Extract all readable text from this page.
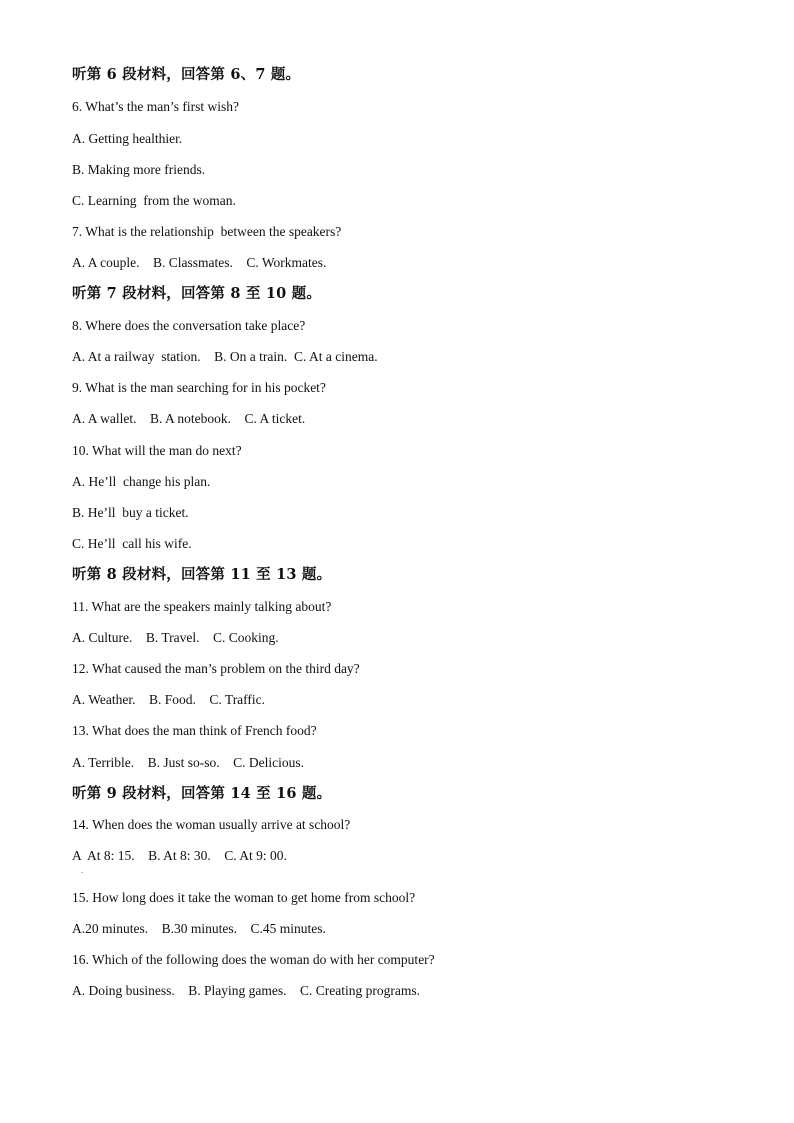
听第 6 段材料，回答第 6、7 题。
6. What’s the man’s first wish?
A. Getting healthier.
B. Making more friends.
C. Learning  from the woman.
7. What is the relationship  between the speakers?
A. A couple.    B. Classmates.    C. Workmates.
听第 7 段材料，回答第 8 至 10 题。
8. Where does the conversation take place?
A. At a railway  station.    B. On a train.  C. At a cinema.
9. What is the man searching for in his pocket?
A. A wallet.    B. A notebook.    C. A ticket.
10. What will the man do next?
A. He’ll  change his plan.
B. He’ll  buy a ticket.
C. He’ll  call his wife.
听第 8 段材料，回答第 11 至 13 题。
11. What are the speakers mainly talking about?
A. Culture.    B. Travel.    C. Cooking.
12. What caused the man’s problem on the third day?
A. Weather.    B. Food.    C. Traffic.
13. What does the man think of French food?
A. Terrible.    B. Just so-so.    C. Delicious.
听第 9 段材料，回答第 14 至 16 题。
14. When does the woman usually arrive at school?
A  At 8: 15.    B. At 8: 30.    C. At 9: 00.
15. How long does it take the woman to get home from school?
A.20 minutes.    B.30 minutes.    C.45 minutes.
16. Which of the following does the woman do with her computer?
A. Doing business.    B. Playing games.    C. Creating programs.
.
